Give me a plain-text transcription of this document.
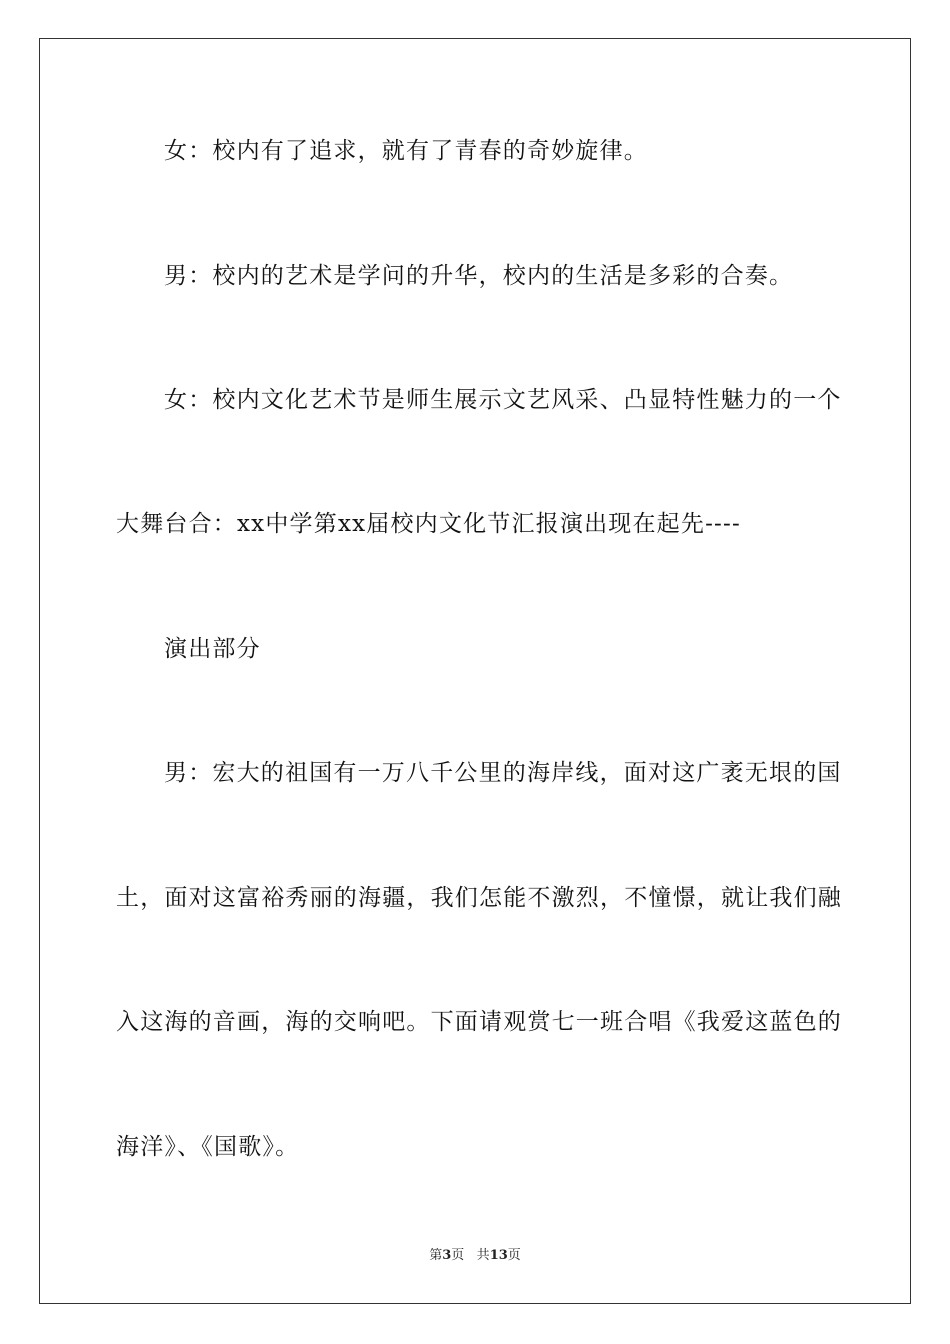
女：校内有了追求，就有了青春的奇妙旋律。
男：校内的艺术是学问的升华，校内的生活是多彩的合奏。
女：校内文化艺术节是师生展示文艺风采、凸显特性魅力的一个
大舞台合：xx中学第xx届校内文化节汇报演出现在起先----
演出部分
男：宏大的祖国有一万八千公里的海岸线，面对这广袤无垠的国
土，面对这富裕秀丽的海疆，我们怎能不激烈，不憧憬，就让我们融
入这海的音画，海的交响吧。下面请观赏七一班合唱《我爱这蓝色的
海洋》、《国歌》。
第3页 共13页
